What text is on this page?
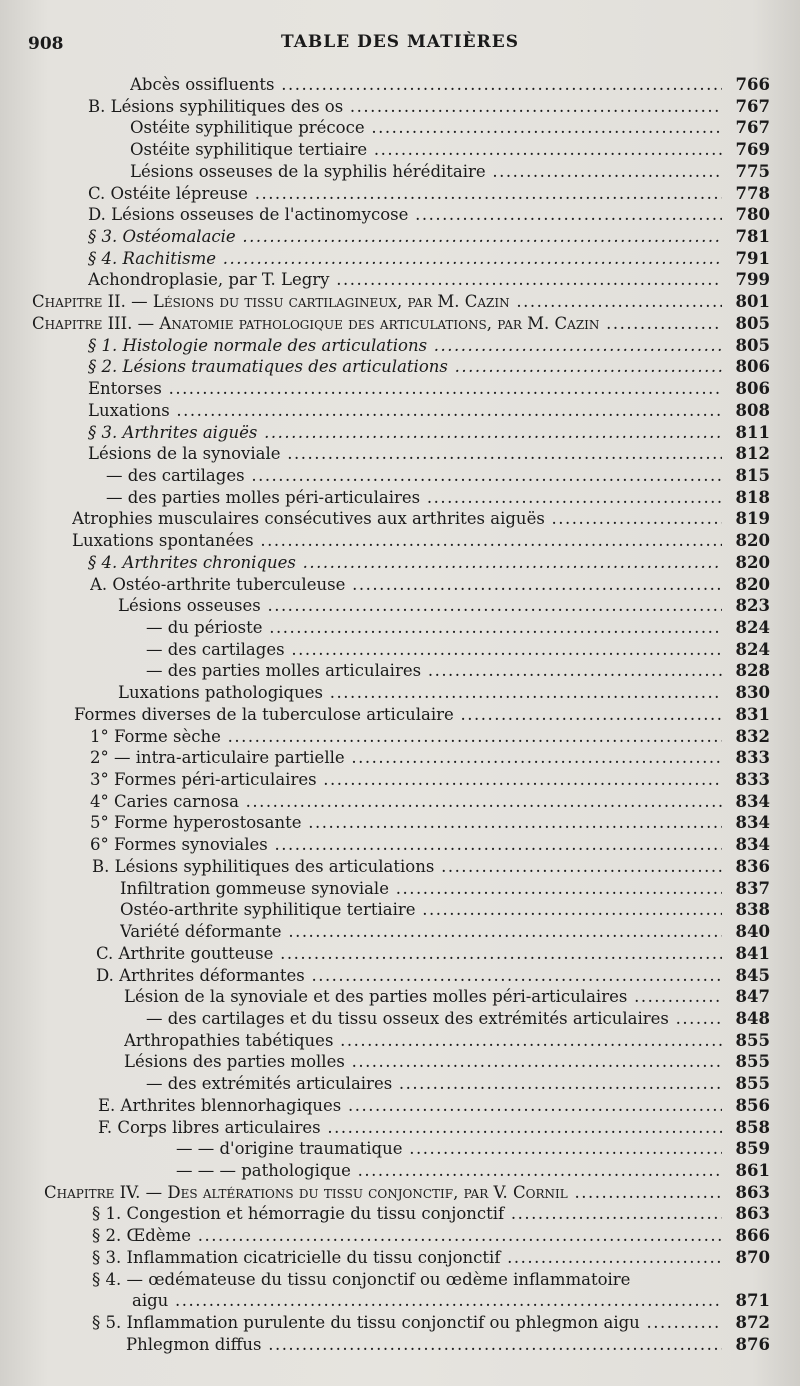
908	TABLE DES MATIÈRES
Abcès ossifluents .....	766
B. Lésions syphilitiques des os .....	767
Ostéite syphilitique précoce .....	767
Ostéite syphilitique tertiaire .....	769
Lésions osseuses de la syphilis héréditaire .....	775
C. Ostéite lépreuse .....	778
D. Lésions osseuses de l'actinomycose .....	780
§ 3. Ostéomalacie .....	781
§ 4. Rachitisme .....	791
Achondroplasie, par T. Legry .....	799
Chapitre II. — Lésions du tissu cartilagineux, par M. Cazin .....	801
Chapitre III. — Anatomie pathologique des articulations, par M. Cazin .....	805
§ 1. Histologie normale des articulations .....	805
§ 2. Lésions traumatiques des articulations .....	806
Entorses .....	806
Luxations .....	808
§ 3. Arthrites aiguës .....	811
Lésions de la synoviale .....	812
— des cartilages .....	815
— des parties molles péri-articulaires .....	818
Atrophies musculaires consécutives aux arthrites aiguës .....	819
Luxations spontanées .....	820
§ 4. Arthrites chroniques .....	820
A. Ostéo-arthrite tuberculeuse .....	820
Lésions osseuses .....	823
— du périoste .....	824
— des cartilages .....	824
— des parties molles articulaires .....	828
Luxations pathologiques .....	830
Formes diverses de la tuberculose articulaire .....	831
1° Forme sèche .....	832
2° — intra-articulaire partielle .....	833
3° Formes péri-articulaires .....	833
4° Caries carnosa .....	834
5° Forme hyperostosante .....	834
6° Formes synoviales .....	834
B. Lésions syphilitiques des articulations .....	836
Infiltration gommeuse synoviale .....	837
Ostéo-arthrite syphilitique tertiaire .....	838
Variété déformante .....	840
C. Arthrite goutteuse .....	841
D. Arthrites déformantes .....	845
Lésion de la synoviale et des parties molles péri-articulaires .....	847
— des cartilages et du tissu osseux des extrémités articulaires .....	848
Arthropathies tabétiques .....	855
Lésions des parties molles .....	855
— des extrémités articulaires .....	855
E. Arthrites blennorhagiques .....	856
F. Corps libres articulaires .....	858
— — d'origine traumatique .....	859
— — — pathologique .....	861
Chapitre IV. — Des altérations du tissu conjonctif, par V. Cornil .....	863
§ 1. Congestion et hémorragie du tissu conjonctif .....	863
§ 2. Œdème .....	866
§ 3. Inflammation cicatricielle du tissu conjonctif .....	870
§ 4. — œdémateuse du tissu conjonctif ou œdème inflammatoire
aigu .....	871
§ 5. Inflammation purulente du tissu conjonctif ou phlegmon aigu .....	872
Phlegmon diffus .....	876
